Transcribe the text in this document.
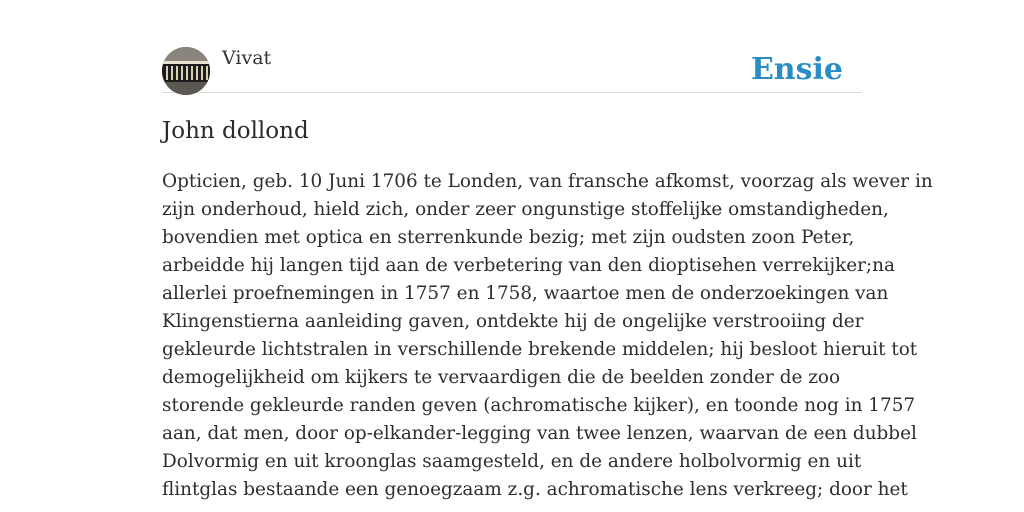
Vivat	Ensie
John dollond

Opticien, geb. 10 Juni 1706 te Londen, van fransche afkomst, voorzag als wever in
zijn onderhoud, hield zich, onder zeer ongunstige stoffelijke omstandigheden,
bovendien met optica en sterrenkunde bezig; met zijn oudsten zoon Peter,
arbeidde hij langen tijd aan de verbetering van den dioptisehen verrekijker;na
allerlei proefnemingen in 1757 en 1758, waartoe men de onderzoekingen van
Klingenstierna aanleiding gaven, ontdekte hij de ongelijke verstrooiing der
gekleurde lichtstralen in verschillende brekende middelen; hij besloot hieruit tot
demogelijkheid om kijkers te vervaardigen die de beelden zonder de zoo
storende gekleurde randen geven (achromatische kijker), en toonde nog in 1757
aan, dat men, door op-elkander-legging van twee lenzen, waarvan de een dubbel
Dolvormig en uit kroonglas saamgesteld, en de andere holbolvormig en uit
flintglas bestaande een genoegzaam z.g. achromatische lens verkreeg; door het
